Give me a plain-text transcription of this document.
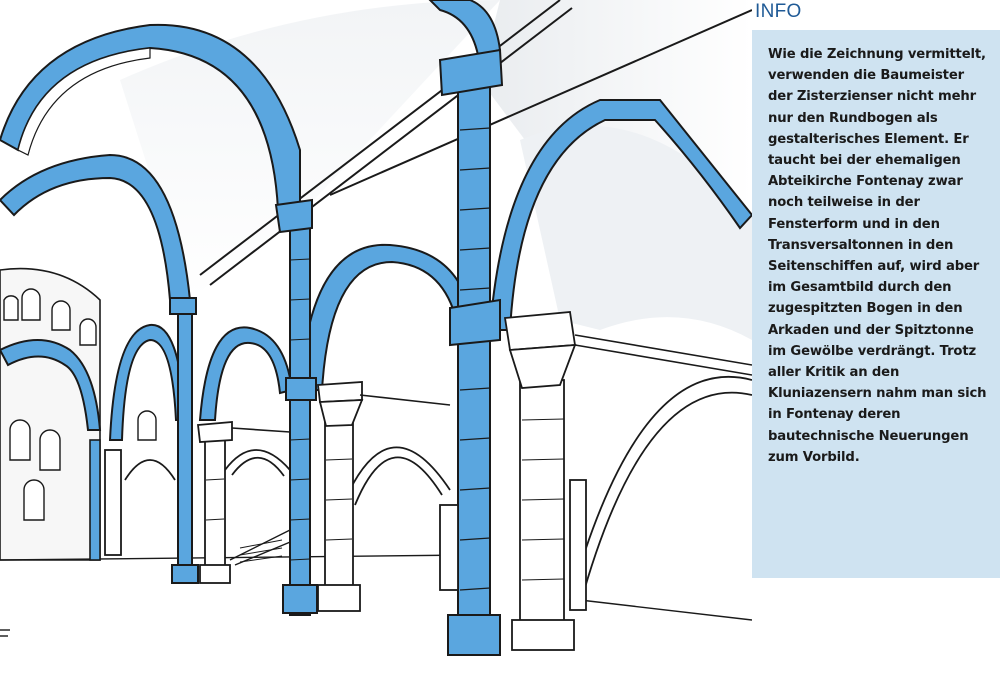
INFO

Wie die Zeichnung vermittelt,
verwenden die Baumeister
der Zisterzienser nicht mehr
nur den Rundbogen als
gestalterisches Element. Er
taucht bei der ehemaligen
Abteikirche Fontenay zwar
noch teilweise in der
Fensterform und in den
Transversaltonnen in den
Seitenschiffen auf, wird aber
im Gesamtbild durch den
zugespitzten Bogen in den
Arkaden und der Spitztonne
im Gewölbe verdrängt. Trotz
aller Kritik an den
Kluniazensern nahm man sich
in Fontenay deren
bautechnische Neuerungen
zum Vorbild.
